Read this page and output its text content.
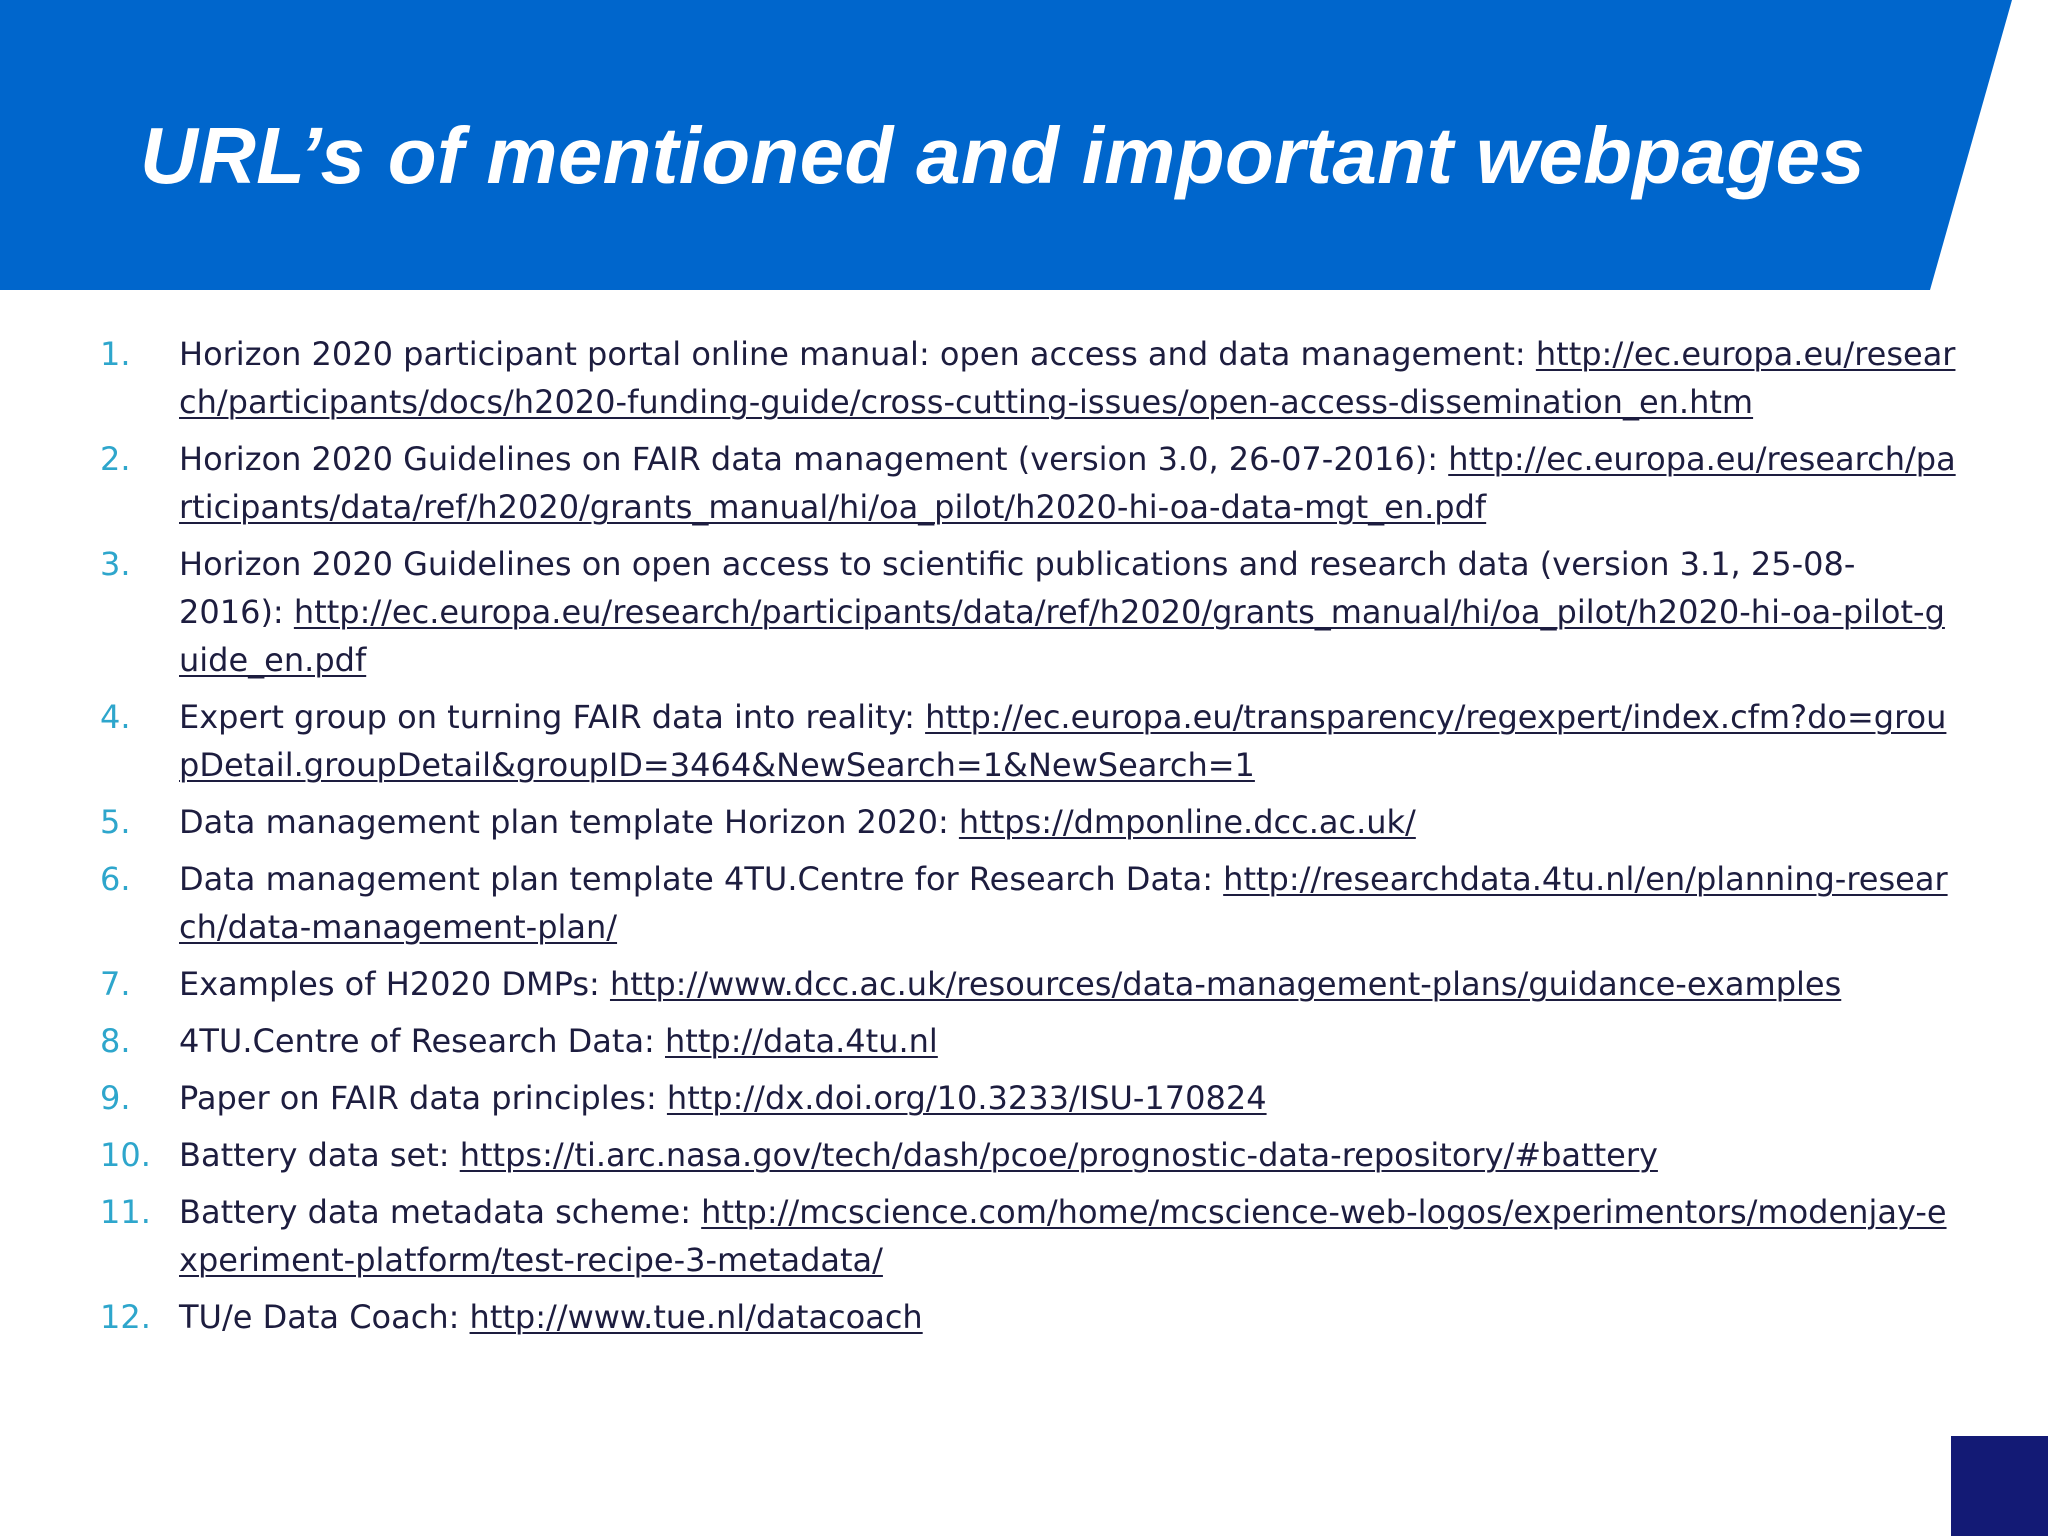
URL’s of mentioned and important webpages
1. Horizon 2020 participant portal online manual: open access and data management: http://ec.europa.eu/research/participants/docs/h2020-funding-guide/cross-cutting-issues/open-access-dissemination_en.htm
2. Horizon 2020 Guidelines on FAIR data management (version 3.0, 26-07-2016): http://ec.europa.eu/research/participants/data/ref/h2020/grants_manual/hi/oa_pilot/h2020-hi-oa-data-mgt_en.pdf
3. Horizon 2020 Guidelines on open access to scientific publications and research data (version 3.1, 25-08-2016): http://ec.europa.eu/research/participants/data/ref/h2020/grants_manual/hi/oa_pilot/h2020-hi-oa-pilot-guide_en.pdf
4. Expert group on turning FAIR data into reality: http://ec.europa.eu/transparency/regexpert/index.cfm?do=groupDetail.groupDetail&groupID=3464&NewSearch=1&NewSearch=1
5. Data management plan template Horizon 2020: https://dmponline.dcc.ac.uk/
6. Data management plan template 4TU.Centre for Research Data: http://researchdata.4tu.nl/en/planning-research/data-management-plan/
7. Examples of H2020 DMPs: http://www.dcc.ac.uk/resources/data-management-plans/guidance-examples
8. 4TU.Centre of Research Data: http://data.4tu.nl
9. Paper on FAIR data principles: http://dx.doi.org/10.3233/ISU-170824
10. Battery data set: https://ti.arc.nasa.gov/tech/dash/pcoe/prognostic-data-repository/#battery
11. Battery data metadata scheme: http://mcscience.com/home/mcscience-web-logos/experimentors/modenjay-experiment-platform/test-recipe-3-metadata/
12. TU/e Data Coach: http://www.tue.nl/datacoach
